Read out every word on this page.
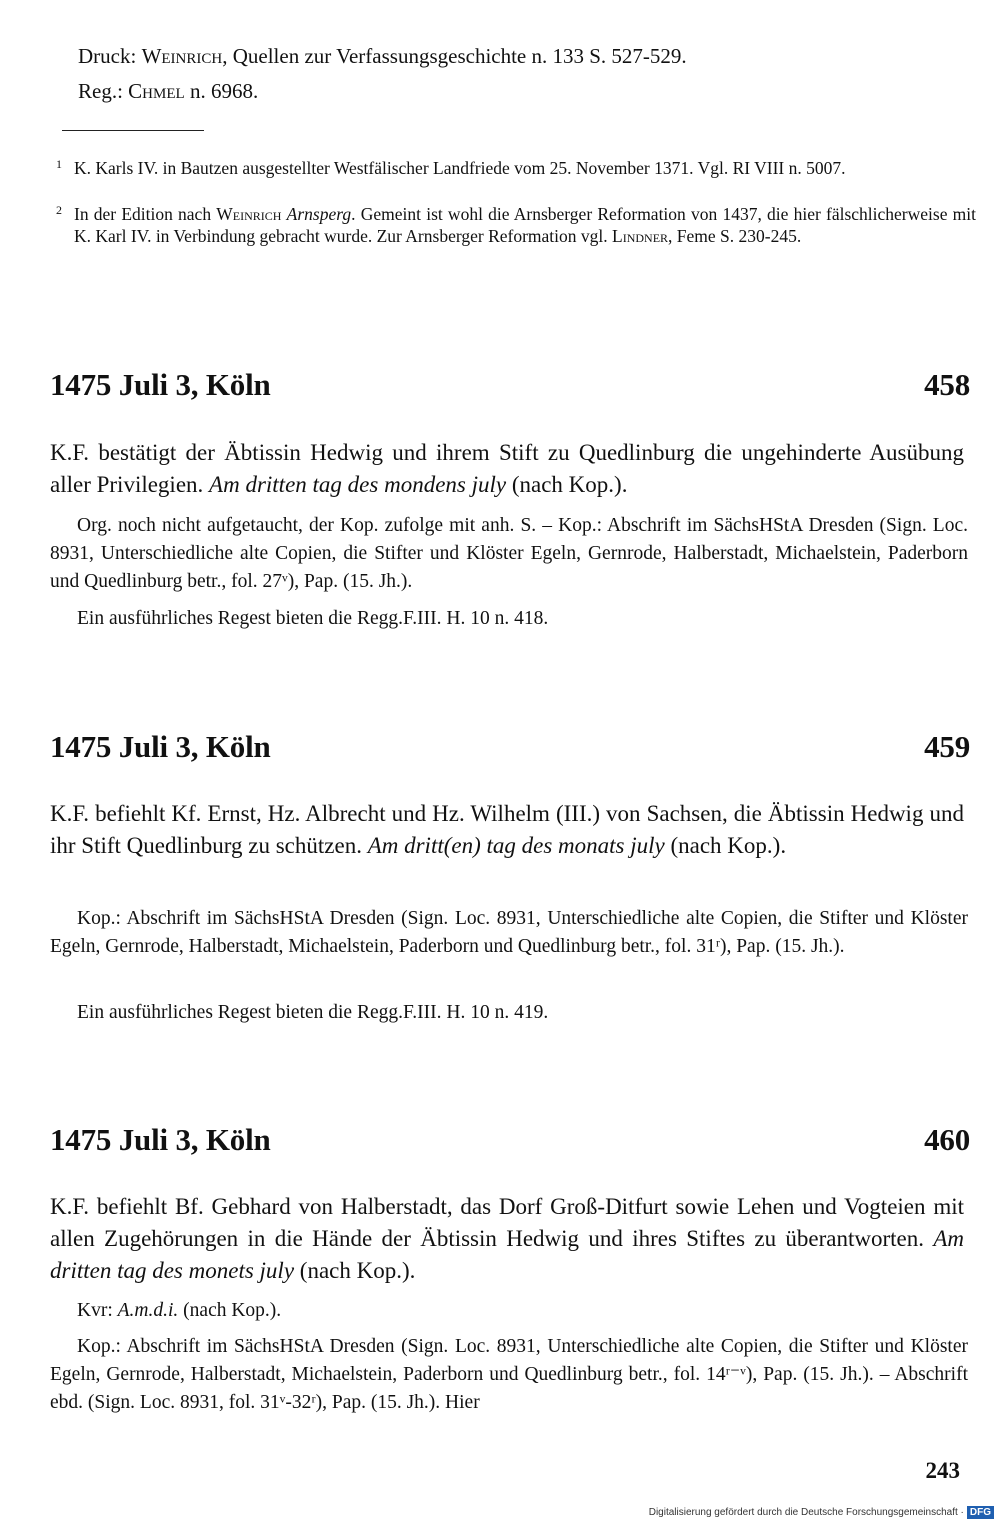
Druck: Weinrich, Quellen zur Verfassungsgeschichte n. 133 S. 527-529.
Reg.: Chmel n. 6968.
1 K. Karls IV. in Bautzen ausgestellter Westfälischer Landfriede vom 25. November 1371. Vgl. RI VIII n. 5007.
2 In der Edition nach Weinrich Arnsperg. Gemeint ist wohl die Arnsberger Reformation von 1437, die hier fälschlicherweise mit K. Karl IV. in Verbindung gebracht wurde. Zur Arnsberger Reformation vgl. Lindner, Feme S. 230-245.
1475 Juli 3, Köln	458
K.F. bestätigt der Äbtissin Hedwig und ihrem Stift zu Quedlinburg die ungehinderte Ausübung aller Privilegien. Am dritten tag des mondens july (nach Kop.).
Org. noch nicht aufgetaucht, der Kop. zufolge mit anh. S. – Kop.: Abschrift im SächsHStA Dresden (Sign. Loc. 8931, Unterschiedliche alte Copien, die Stifter und Klöster Egeln, Gernrode, Halberstadt, Michaelstein, Paderborn und Quedlinburg betr., fol. 27ᵛ), Pap. (15. Jh.).
Ein ausführliches Regest bieten die Regg.F.III. H. 10 n. 418.
1475 Juli 3, Köln	459
K.F. befiehlt Kf. Ernst, Hz. Albrecht und Hz. Wilhelm (III.) von Sachsen, die Äbtissin Hedwig und ihr Stift Quedlinburg zu schützen. Am dritt(en) tag des monats july (nach Kop.).
Kop.: Abschrift im SächsHStA Dresden (Sign. Loc. 8931, Unterschiedliche alte Copien, die Stifter und Klöster Egeln, Gernrode, Halberstadt, Michaelstein, Paderborn und Quedlinburg betr., fol. 31ʳ), Pap. (15. Jh.).
Ein ausführliches Regest bieten die Regg.F.III. H. 10 n. 419.
1475 Juli 3, Köln	460
K.F. befiehlt Bf. Gebhard von Halberstadt, das Dorf Groß-Ditfurt sowie Lehen und Vogteien mit allen Zugehörungen in die Hände der Äbtissin Hedwig und ihres Stiftes zu überantworten. Am dritten tag des monets july (nach Kop.).
Kvr: A.m.d.i. (nach Kop.).
Kop.: Abschrift im SächsHStA Dresden (Sign. Loc. 8931, Unterschiedliche alte Copien, die Stifter und Klöster Egeln, Gernrode, Halberstadt, Michaelstein, Paderborn und Quedlinburg betr., fol. 14ʳ⁻ᵛ), Pap. (15. Jh.). – Abschrift ebd. (Sign. Loc. 8931, fol. 31ᵛ-32ʳ), Pap. (15. Jh.). Hier
243
Digitalisierung gefördert durch die Deutsche Forschungsgemeinschaft · DFG
